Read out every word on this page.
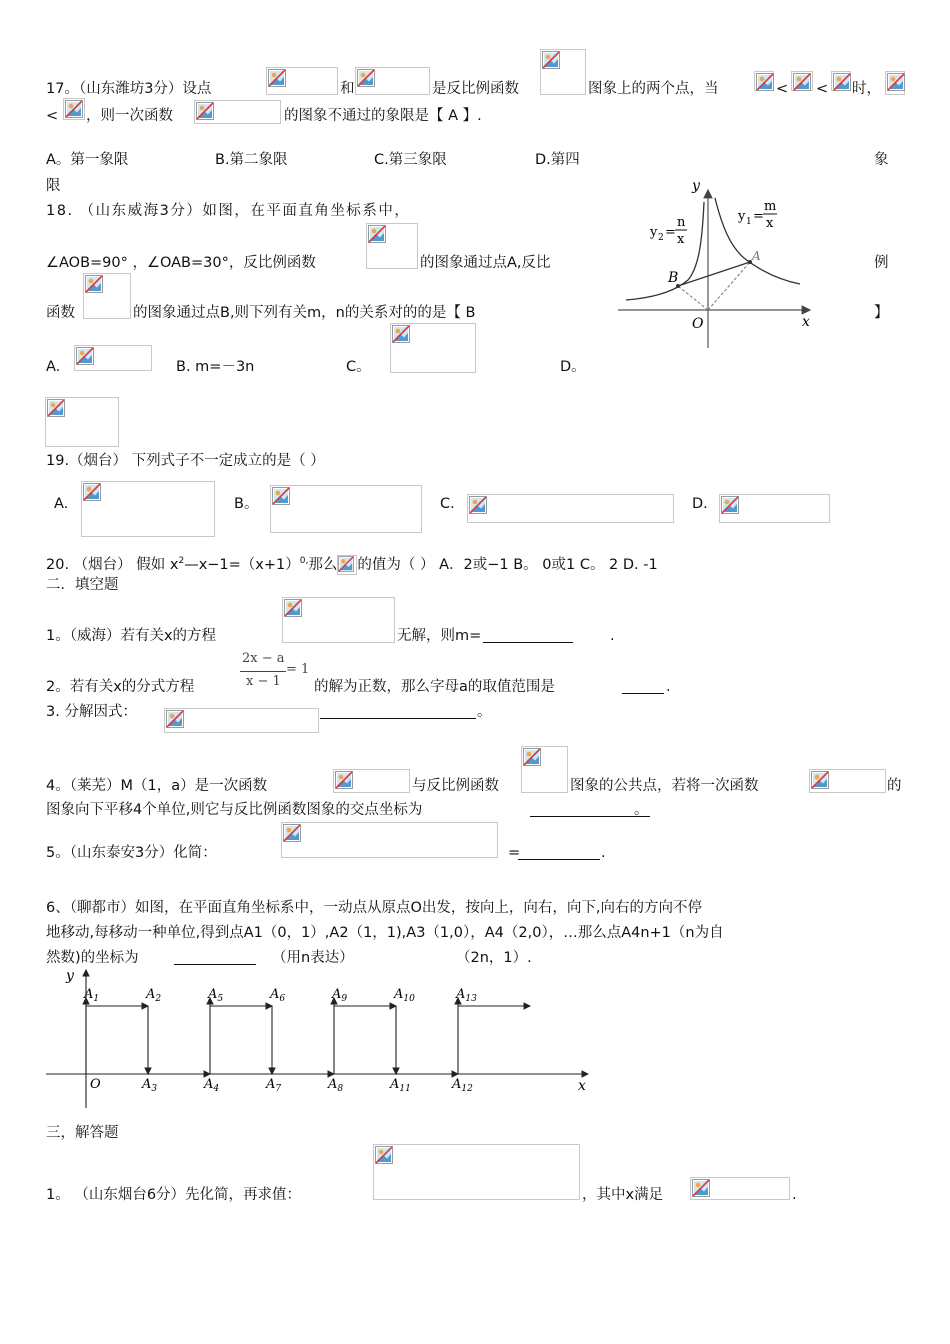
17。（山东潍坊3分）设点	和	是反比例函数	图象上的两个点，当	< < 时，
< ，则一次函数	的图象不通过的象限是【 A 】.
A。第一象限	B.第二象限	C.第三象限	D.第四	象
限
18. （山东威海3分）如图，在平面直角坐标系中，
∠AOB=90° ，∠OAB=30°，反比例函数	的图象通过点A,反比	例
函数	的图象通过点B,则下列有关m，n的关系对的的是【 B	】
A.	B. m=－3n	C。	D。
y
x
O
A
B
y 1 =
m
x
y 2 =
n
x
19.（烟台） 下列式子不一定成立的是（ ）
A.	B。	C.	D.
20. （烟台） 假如 $x^2—x-1=(x+1)^{0,}$那么 的值为（ ） A．2或−1 B。 0或1 C。 2 D. -1
二．填空题
1。（威海）若有关x的方程	无解，则m=	.
2。若有关x的分式方程
2x − a
x − 1
= 1
的解为正数，那么字母a的取值范围是	.
3. 分解因式：	。
4。（莱芜）M（1，a）是一次函数	与反比例函数	图象的公共点，若将一次函数	的
图象向下平移4个单位,则它与反比例函数图象的交点坐标为	。
5。（山东泰安3分）化简：	=	.
6、（聊都市）如图，在平面直角坐标系中，一动点从原点O出发，按向上，向右，向下,向右的方向不停
地移动,每移动一种单位,得到点A1（0，1）,A2（1，1),A3（1,0），A4（2,0），…那么点A4n+1（n为自
然数)的坐标为	（用n表达）	（2n，1）.
y
x
O
$A_1$	$A_2$	$A_5$	$A_6$	$A_9$	$A_{10}$	$A_{13}$
$A_3$	$A_4$	$A_7$	$A_8$	$A_{11}$	$A_{12}$
三，解答题
1。 （山东烟台6分）先化简，再求值：	，其中x满足	.
